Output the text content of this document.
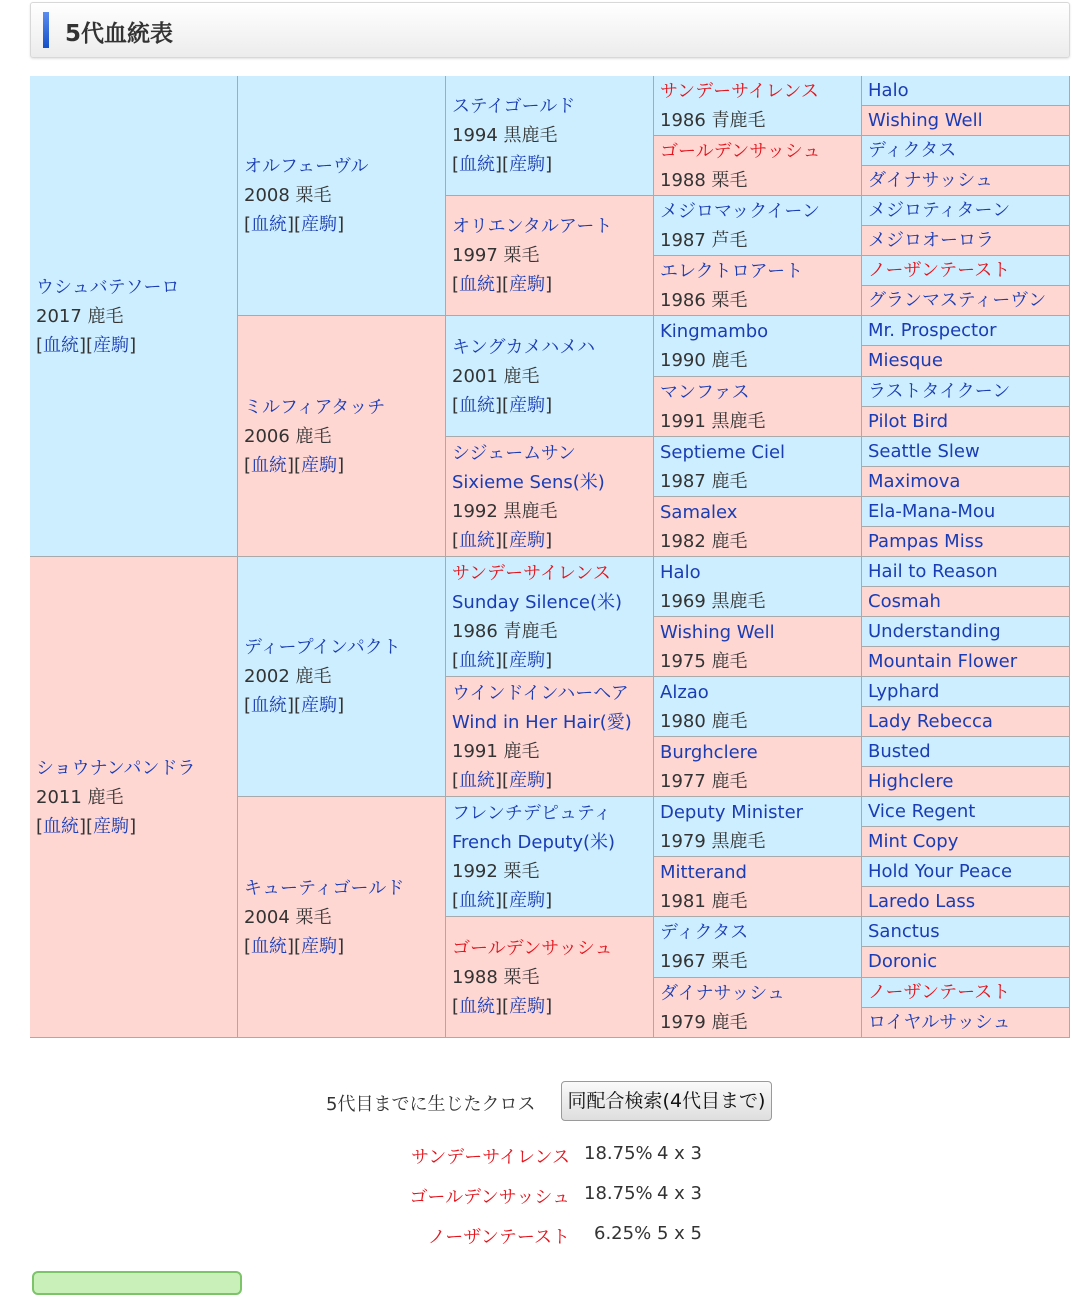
5代血統表
ウシュバテソーロ
2017 鹿毛
[血統][産駒]
ショウナンパンドラ
2011 鹿毛
[血統][産駒]
オルフェーヴル
2008 栗毛
[血統][産駒]
ミルフィアタッチ
2006 鹿毛
[血統][産駒]
ディープインパクト
2002 鹿毛
[血統][産駒]
キューティゴールド
2004 栗毛
[血統][産駒]
ステイゴールド
1994 黒鹿毛
[血統][産駒]
オリエンタルアート
1997 栗毛
[血統][産駒]
キングカメハメハ
2001 鹿毛
[血統][産駒]
シジェームサン
Sixieme Sens(米)
1992 黒鹿毛
[血統][産駒]
サンデーサイレンス
Sunday Silence(米)
1986 青鹿毛
[血統][産駒]
ウインドインハーヘア
Wind in Her Hair(愛)
1991 鹿毛
[血統][産駒]
フレンチデピュティ
French Deputy(米)
1992 栗毛
[血統][産駒]
ゴールデンサッシュ
1988 栗毛
[血統][産駒]
サンデーサイレンス
1986 青鹿毛
ゴールデンサッシュ
1988 栗毛
メジロマックイーン
1987 芦毛
エレクトロアート
1986 栗毛
Kingmambo
1990 鹿毛
マンファス
1991 黒鹿毛
Septieme Ciel
1987 鹿毛
Samalex
1982 鹿毛
Halo
1969 黒鹿毛
Wishing Well
1975 鹿毛
Alzao
1980 鹿毛
Burghclere
1977 鹿毛
Deputy Minister
1979 黒鹿毛
Mitterand
1981 鹿毛
ディクタス
1967 栗毛
ダイナサッシュ
1979 鹿毛
Halo
Wishing Well
ディクタス
ダイナサッシュ
メジロティターン
メジロオーロラ
ノーザンテースト
グランマスティーヴン
Mr. Prospector
Miesque
ラストタイクーン
Pilot Bird
Seattle Slew
Maximova
Ela-Mana-Mou
Pampas Miss
Hail to Reason
Cosmah
Understanding
Mountain Flower
Lyphard
Lady Rebecca
Busted
Highclere
Vice Regent
Mint Copy
Hold Your Peace
Laredo Lass
Sanctus
Doronic
ノーザンテースト
ロイヤルサッシュ
5代目までに生じたクロス	同配合検索(4代目まで)
サンデーサイレンス 18.75% 4 x 3
ゴールデンサッシュ 18.75% 4 x 3
ノーザンテースト 6.25% 5 x 5
